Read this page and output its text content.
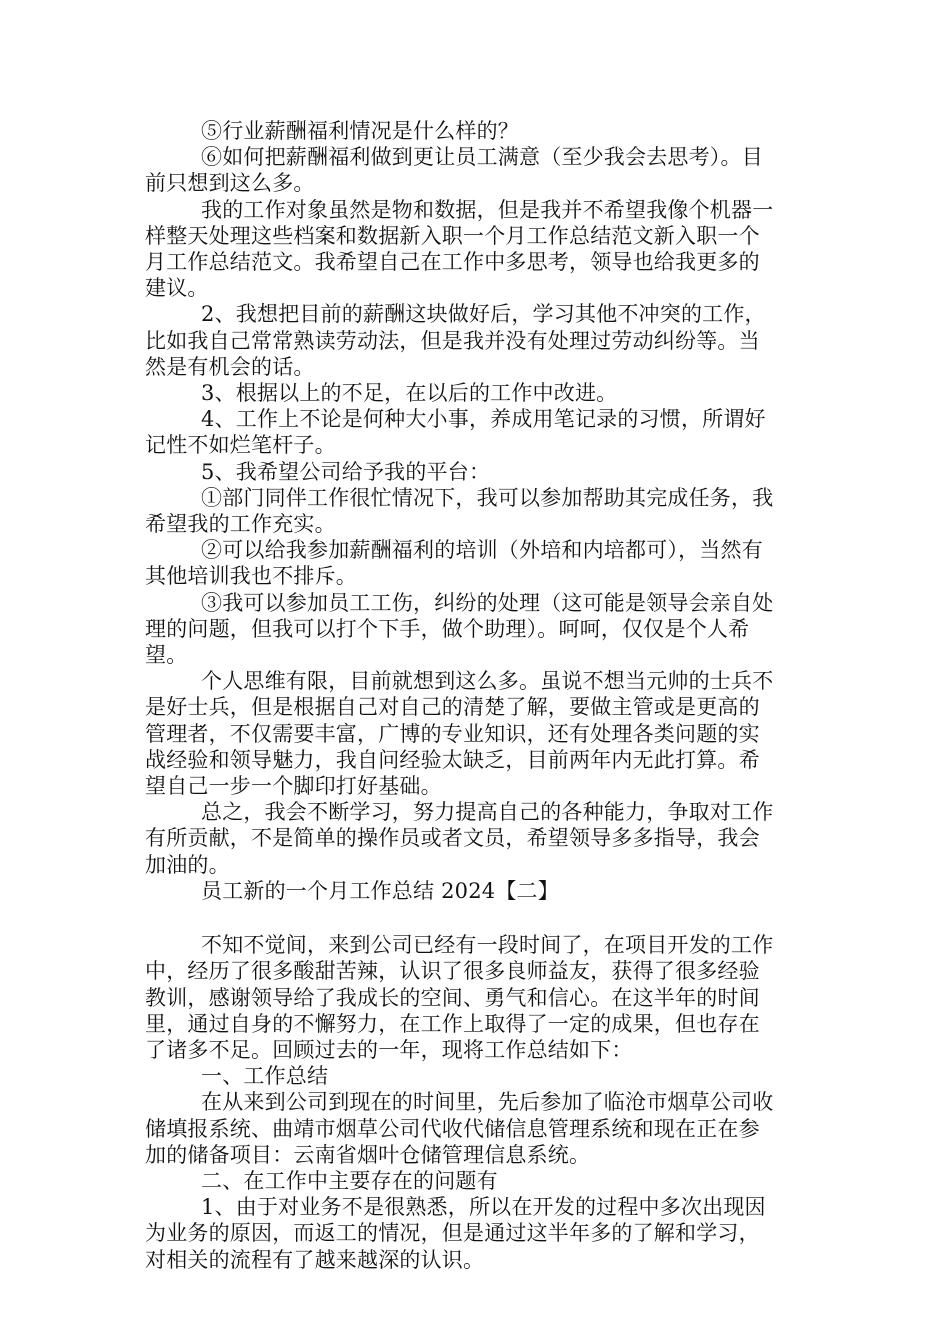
⑤行业薪酬福利情况是什么样的？
⑥如何把薪酬福利做到更让员工满意（至少我会去思考）。目
前只想到这么多。
我的工作对象虽然是物和数据，但是我并不希望我像个机器一
样整天处理这些档案和数据新入职一个月工作总结范文新入职一个
月工作总结范文。我希望自己在工作中多思考，领导也给我更多的
建议。
2、我想把目前的薪酬这块做好后，学习其他不冲突的工作，
比如我自己常常熟读劳动法，但是我并没有处理过劳动纠纷等。当
然是有机会的话。
3、根据以上的不足，在以后的工作中改进。
4、工作上不论是何种大小事，养成用笔记录的习惯，所谓好
记性不如烂笔杆子。
5、我希望公司给予我的平台：
①部门同伴工作很忙情况下，我可以参加帮助其完成任务，我
希望我的工作充实。
②可以给我参加薪酬福利的培训（外培和内培都可），当然有
其他培训我也不排斥。
③我可以参加员工工伤，纠纷的处理（这可能是领导会亲自处
理的问题，但我可以打个下手，做个助理）。呵呵，仅仅是个人希
望。
个人思维有限，目前就想到这么多。虽说不想当元帅的士兵不
是好士兵，但是根据自己对自己的清楚了解，要做主管或是更高的
管理者，不仅需要丰富，广博的专业知识，还有处理各类问题的实
战经验和领导魅力，我自问经验太缺乏，目前两年内无此打算。希
望自己一步一个脚印打好基础。
总之，我会不断学习，努力提高自己的各种能力，争取对工作
有所贡献，不是简单的操作员或者文员，希望领导多多指导，我会
加油的。
员工新的一个月工作总结 2024【二】
不知不觉间，来到公司已经有一段时间了，在项目开发的工作
中，经历了很多酸甜苦辣，认识了很多良师益友，获得了很多经验
教训，感谢领导给了我成长的空间、勇气和信心。在这半年的时间
里，通过自身的不懈努力，在工作上取得了一定的成果，但也存在
了诸多不足。回顾过去的一年，现将工作总结如下：
一、工作总结
在从来到公司到现在的时间里，先后参加了临沧市烟草公司收
储填报系统、曲靖市烟草公司代收代储信息管理系统和现在正在参
加的储备项目：云南省烟叶仓储管理信息系统。
二、在工作中主要存在的问题有
1、由于对业务不是很熟悉，所以在开发的过程中多次出现因
为业务的原因，而返工的情况，但是通过这半年多的了解和学习，
对相关的流程有了越来越深的认识。
